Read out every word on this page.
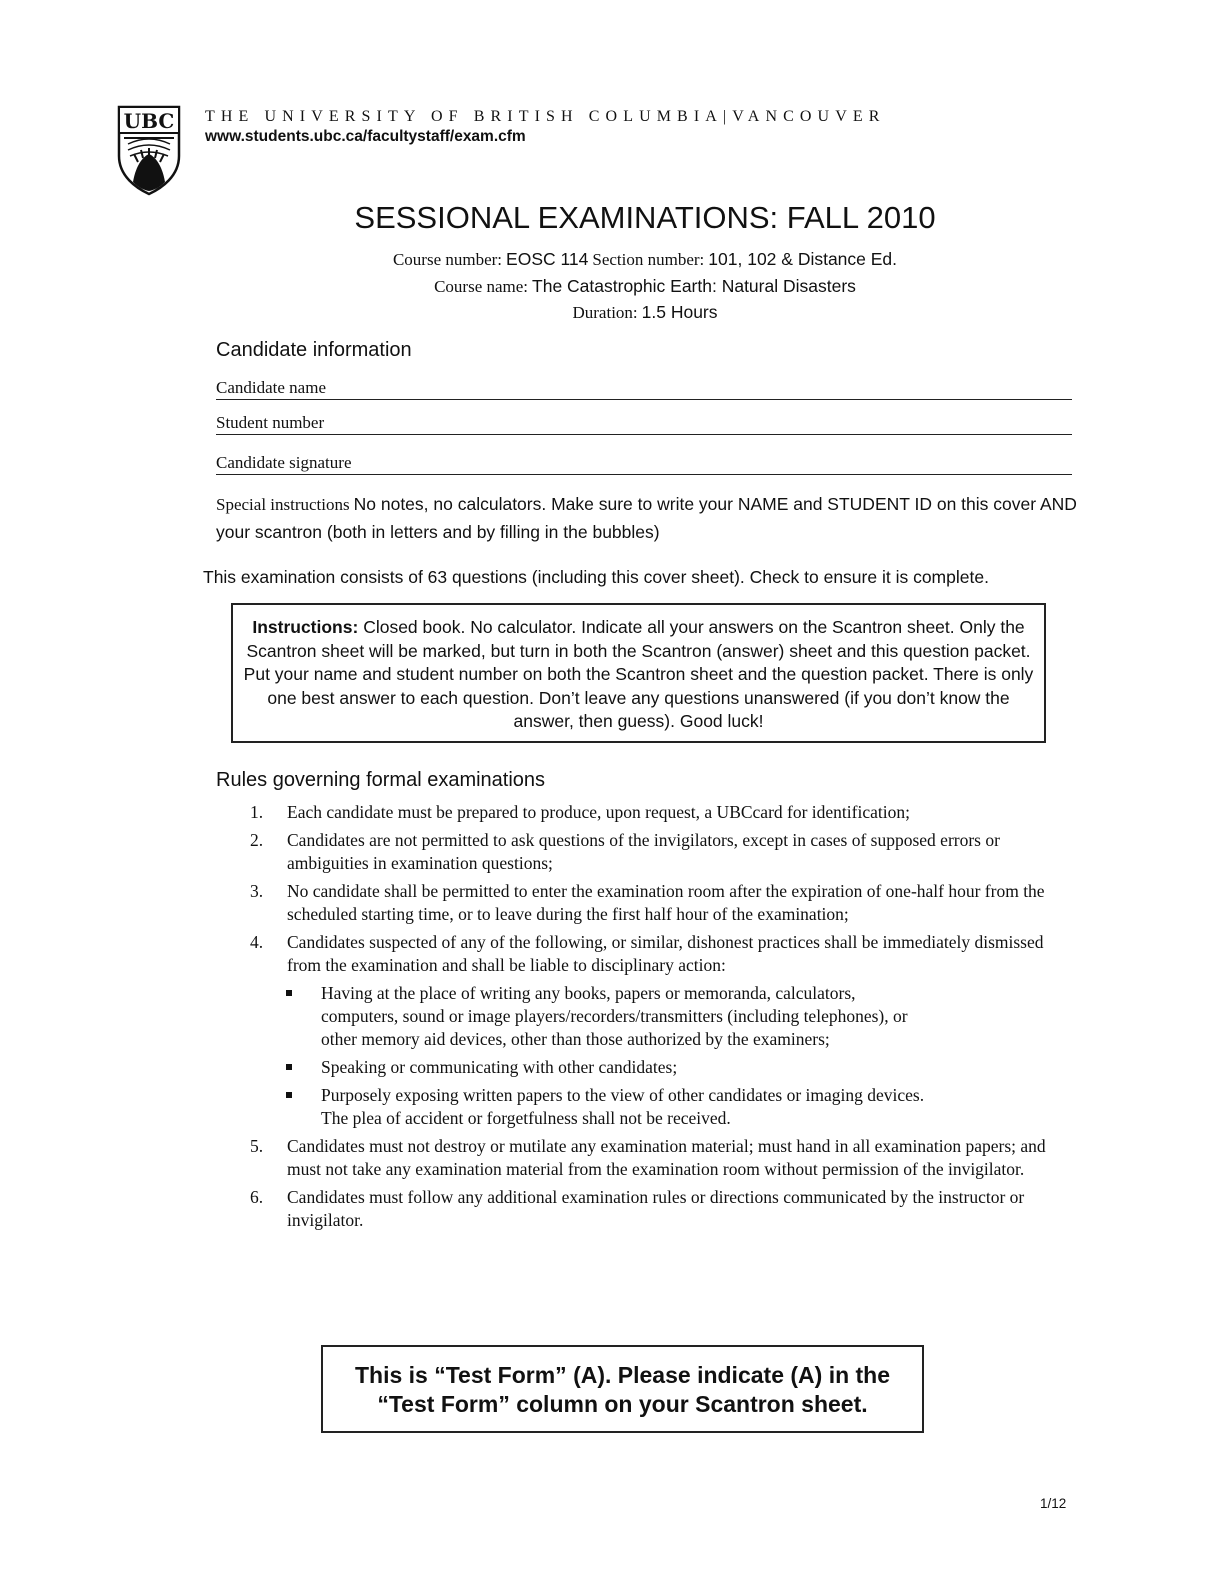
UBC THE UNIVERSITY OF BRITISH COLUMBIA|VANCOUVER
www.students.ubc.ca/facultystaff/exam.cfm
SESSIONAL EXAMINATIONS: FALL 2010
Course number: EOSC 114 Section number: 101, 102 & Distance Ed.
Course name: The Catastrophic Earth: Natural Disasters
Duration: 1.5 Hours
Candidate information
Candidate name
Student number
Candidate signature
Special instructions No notes, no calculators. Make sure to write your NAME and STUDENT ID on this cover AND your scantron (both in letters and by filling in the bubbles)
This examination consists of 63 questions (including this cover sheet). Check to ensure it is complete.
Instructions: Closed book. No calculator. Indicate all your answers on the Scantron sheet. Only the Scantron sheet will be marked, but turn in both the Scantron (answer) sheet and this question packet. Put your name and student number on both the Scantron sheet and the question packet. There is only one best answer to each question. Don’t leave any questions unanswered (if you don’t know the answer, then guess). Good luck!
Rules governing formal examinations
1. Each candidate must be prepared to produce, upon request, a UBCcard for identification;
2. Candidates are not permitted to ask questions of the invigilators, except in cases of supposed errors or ambiguities in examination questions;
3. No candidate shall be permitted to enter the examination room after the expiration of one-half hour from the scheduled starting time, or to leave during the first half hour of the examination;
4. Candidates suspected of any of the following, or similar, dishonest practices shall be immediately dismissed from the examination and shall be liable to disciplinary action:
Having at the place of writing any books, papers or memoranda, calculators, computers, sound or image players/recorders/transmitters (including telephones), or other memory aid devices, other than those authorized by the examiners;
Speaking or communicating with other candidates;
Purposely exposing written papers to the view of other candidates or imaging devices. The plea of accident or forgetfulness shall not be received.
5. Candidates must not destroy or mutilate any examination material; must hand in all examination papers; and must not take any examination material from the examination room without permission of the invigilator.
6. Candidates must follow any additional examination rules or directions communicated by the instructor or invigilator.
This is “Test Form” (A). Please indicate (A) in the
“Test Form” column on your Scantron sheet.
1/12
